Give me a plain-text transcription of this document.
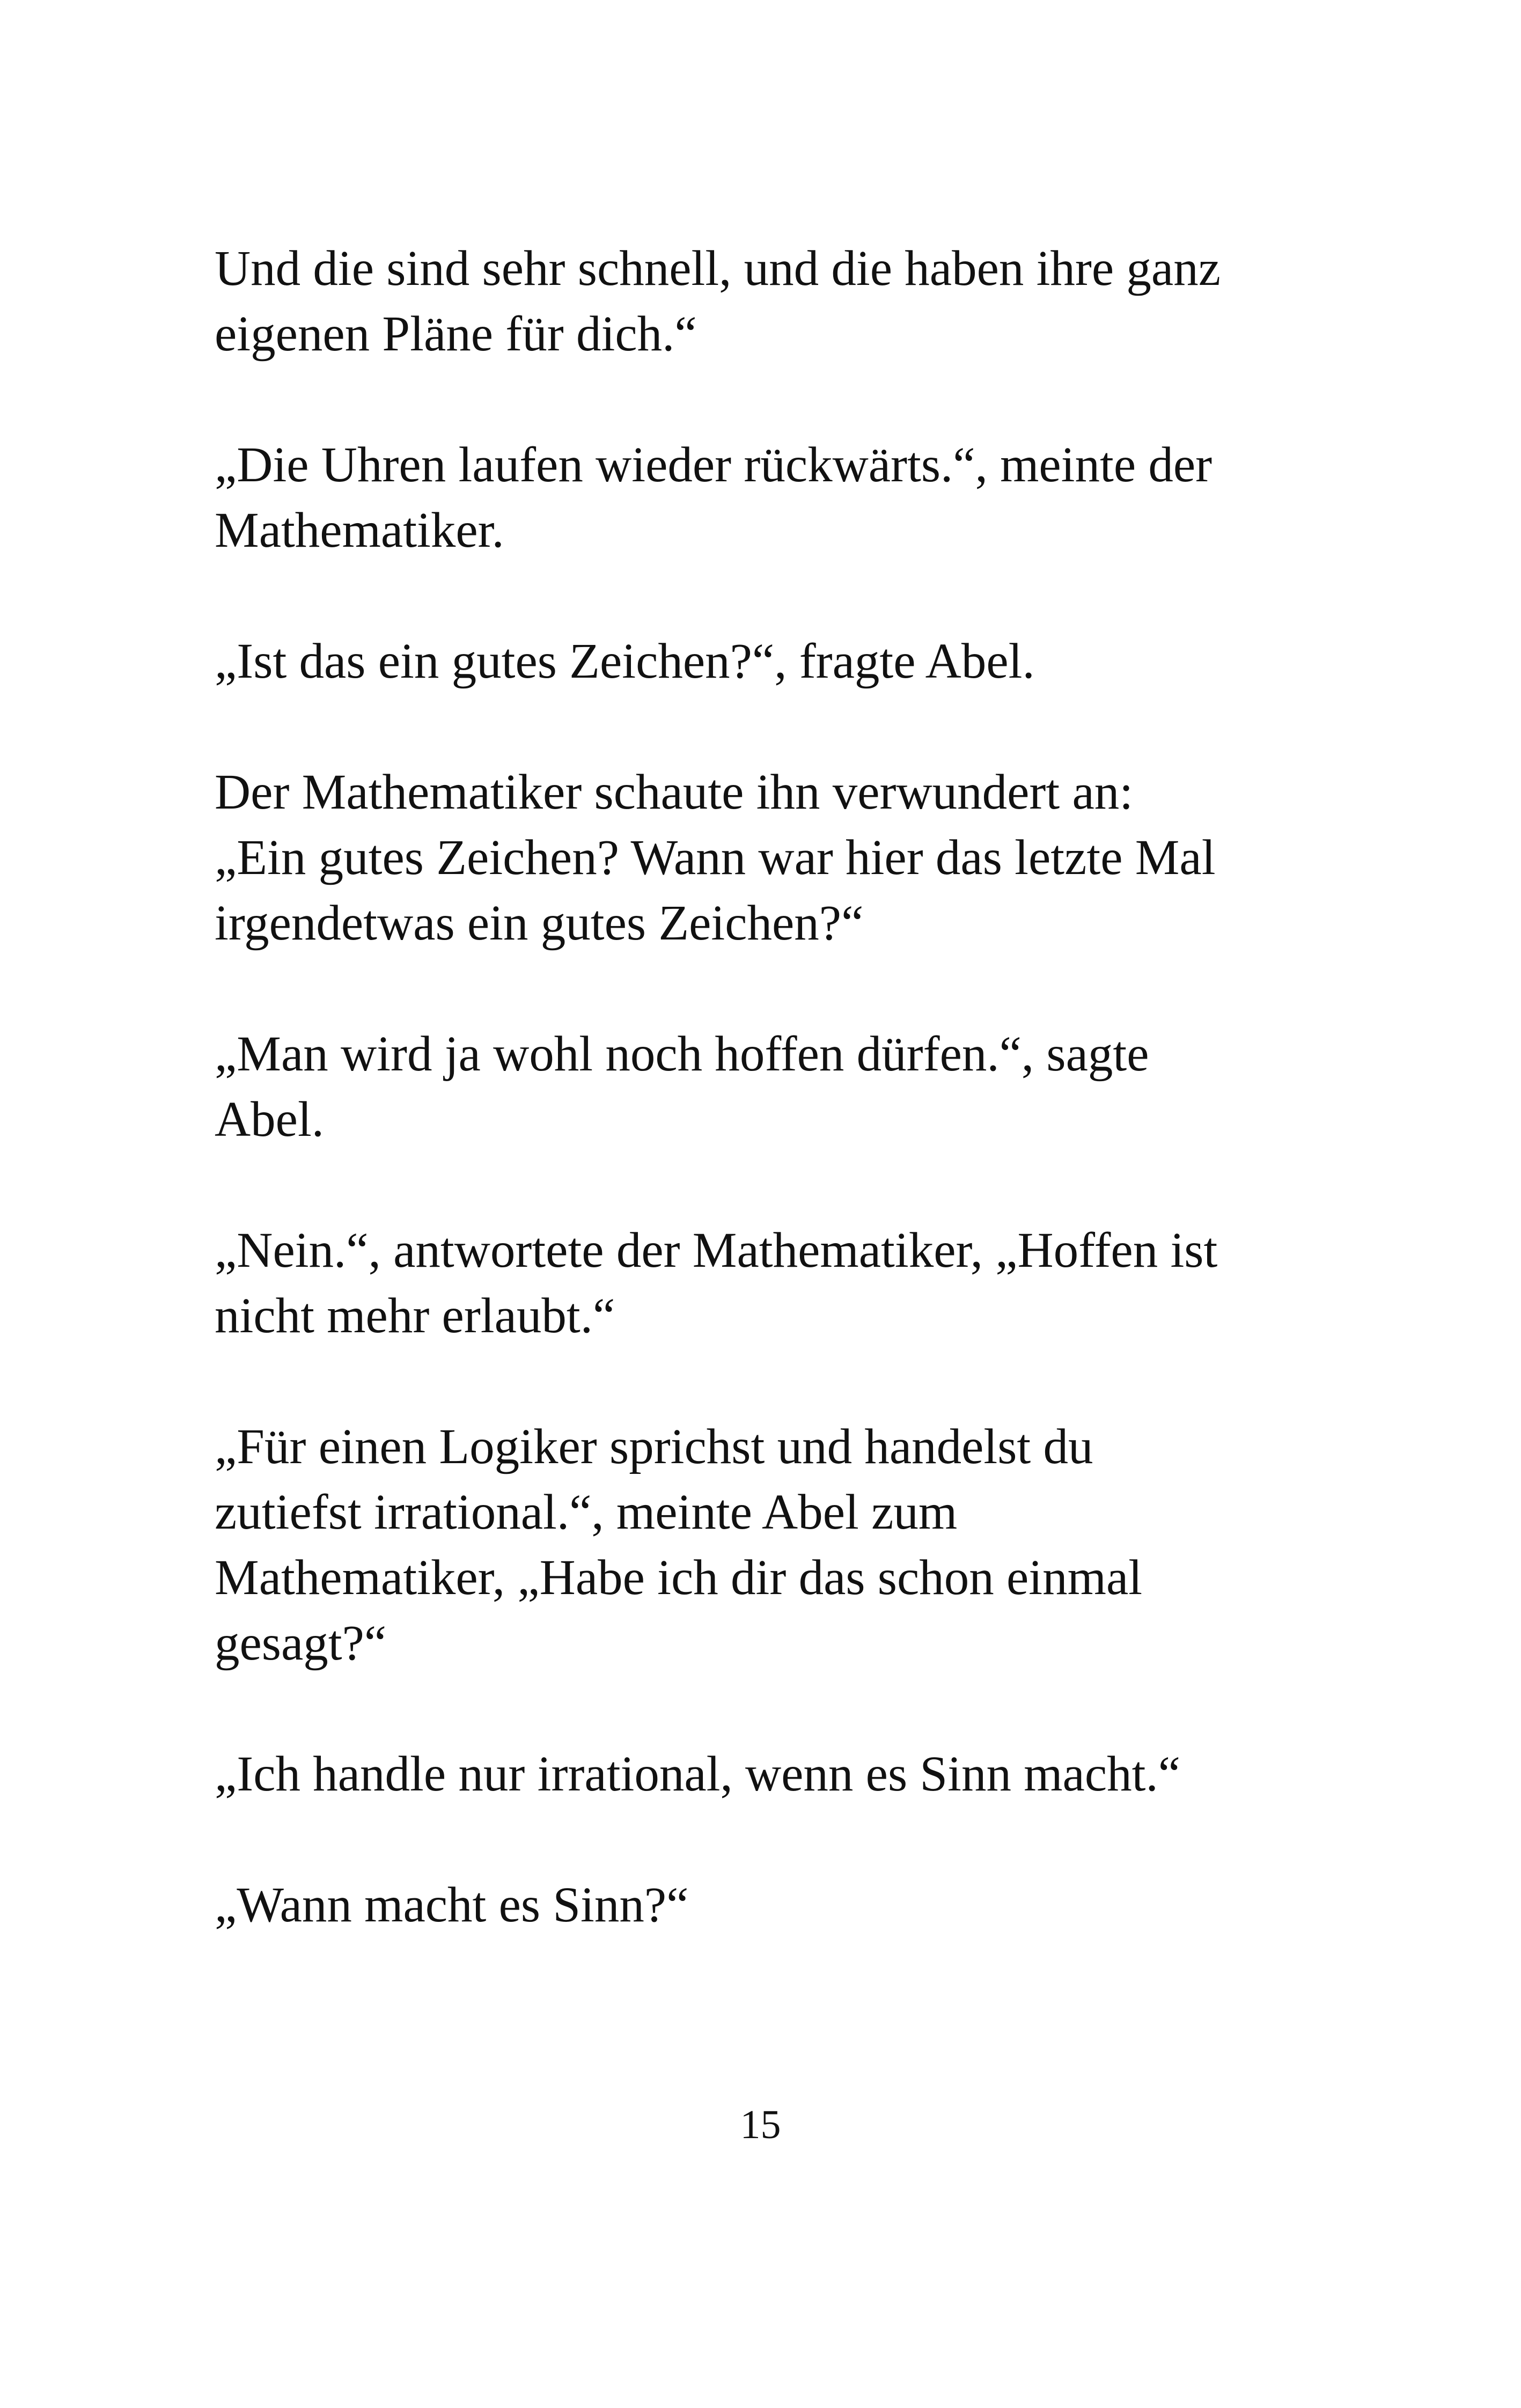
Und die sind sehr schnell, und die haben ihre ganz
eigenen Pläne für dich.“

„Die Uhren laufen wieder rückwärts.“, meinte der
Mathematiker.

„Ist das ein gutes Zeichen?“, fragte Abel.

Der Mathematiker schaute ihn verwundert an:
„Ein gutes Zeichen? Wann war hier das letzte Mal
irgendetwas ein gutes Zeichen?“

„Man wird ja wohl noch hoffen dürfen.“, sagte
Abel.

„Nein.“, antwortete der Mathematiker, „Hoffen ist
nicht mehr erlaubt.“

„Für einen Logiker sprichst und handelst du
zutiefst irrational.“, meinte Abel zum
Mathematiker, „Habe ich dir das schon einmal
gesagt?“

„Ich handle nur irrational, wenn es Sinn macht.“

„Wann macht es Sinn?“

15
